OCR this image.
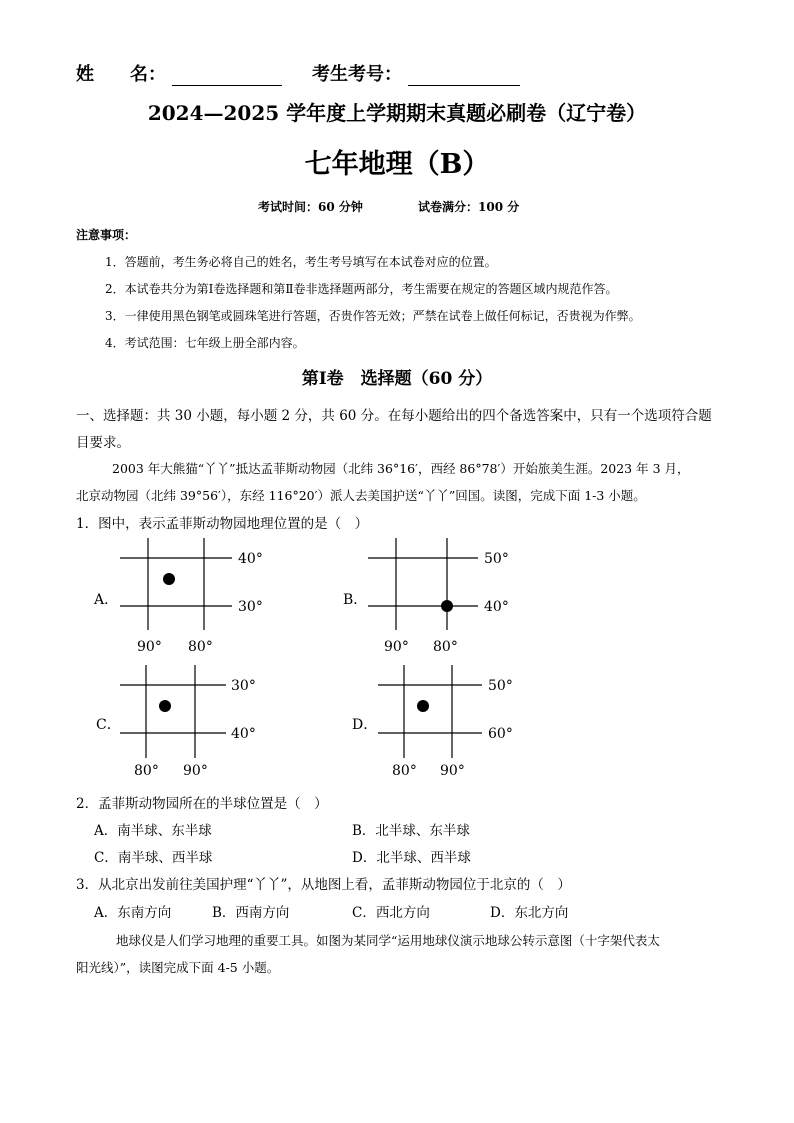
姓　　名：	考生考号：
2024—2025 学年度上学期期末真题必刷卷（辽宁卷）
七年地理（B）
考试时间：60 分钟	试卷满分：100 分
注意事项：
1．答题前，考生务必将自己的姓名，考生考号填写在本试卷对应的位置。
2．本试卷共分为第Ⅰ卷选择题和第Ⅱ卷非选择题两部分，考生需要在规定的答题区域内规范作答。
3．一律使用黑色钢笔或圆珠笔进行答题，否贵作答无效；严禁在试卷上做任何标记，否贵视为作弊。
4．考试范围：七年级上册全部内容。
第Ⅰ卷　选择题（60 分）
一、选择题：共 30 小题，每小题 2 分，共 60 分。在每小题给出的四个备选答案中，只有一个选项符合题
目要求。
2003 年大熊猫“丫丫”抵达孟菲斯动物园（北纬 36°16′，西经 86°78′）开始旅美生涯。2023 年 3 月，
北京动物园（北纬 39°56′），东经 116°20′）派人去美国护送“丫丫”回国。读图，完成下面 1-3 小题。
1．图中，表示孟菲斯动物园地理位置的是（　）
A．
40°
30°
90° 80°
B．
50°
40°
90° 80°
C．
30°
40°
80° 90°
D．
50°
60°
80° 90°
2．孟菲斯动物园所在的半球位置是（　）
A．南半球、东半球	B．北半球、东半球
C．南半球、西半球	D．北半球、西半球
3．从北京出发前往美国护理“丫丫”，从地图上看，孟菲斯动物园位于北京的（　）
A．东南方向	B．西南方向	C．西北方向	D．东北方向
地球仪是人们学习地理的重要工具。如图为某同学“运用地球仪演示地球公转示意图（十字架代表太
阳光线）”，读图完成下面 4-5 小题。
